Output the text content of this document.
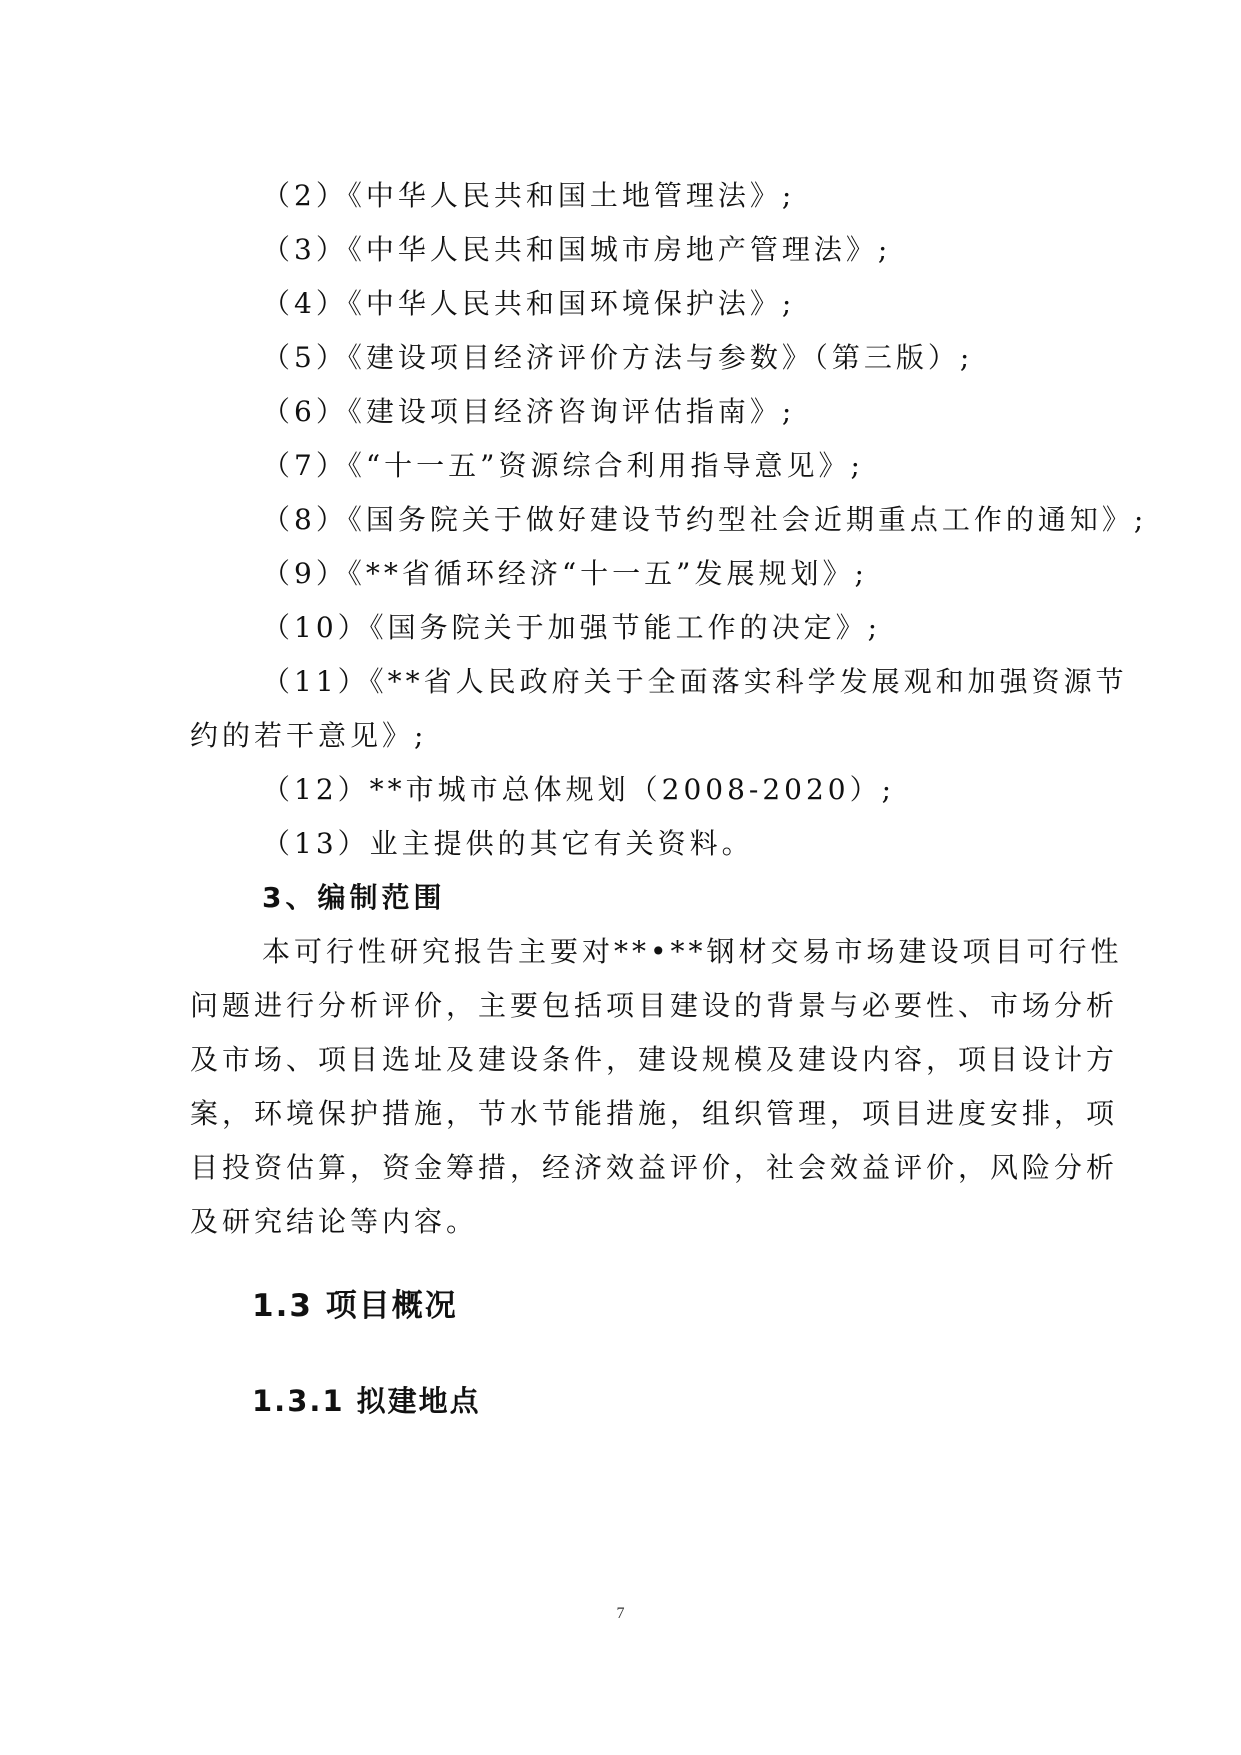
（2）《中华人民共和国土地管理法》;
（3）《中华人民共和国城市房地产管理法》;
（4）《中华人民共和国环境保护法》;
（5）《建设项目经济评价方法与参数》（第三版）;
（6）《建设项目经济咨询评估指南》;
（7）《“十一五”资源综合利用指导意见》;
（8）《国务院关于做好建设节约型社会近期重点工作的通知》;
（9）《**省循环经济“十一五”发展规划》;
（10）《国务院关于加强节能工作的决定》;
（11）《**省人民政府关于全面落实科学发展观和加强资源节
约的若干意见》;
（12）**市城市总体规划（2008-2020）;
（13）业主提供的其它有关资料。
3、编制范围
本可行性研究报告主要对**•**钢材交易市场建设项目可行性
问题进行分析评价，主要包括项目建设的背景与必要性、市场分析
及市场、项目选址及建设条件，建设规模及建设内容，项目设计方
案，环境保护措施，节水节能措施，组织管理，项目进度安排，项
目投资估算，资金筹措，经济效益评价，社会效益评价，风险分析
及研究结论等内容。
1.3 项目概况
1.3.1 拟建地点
7
